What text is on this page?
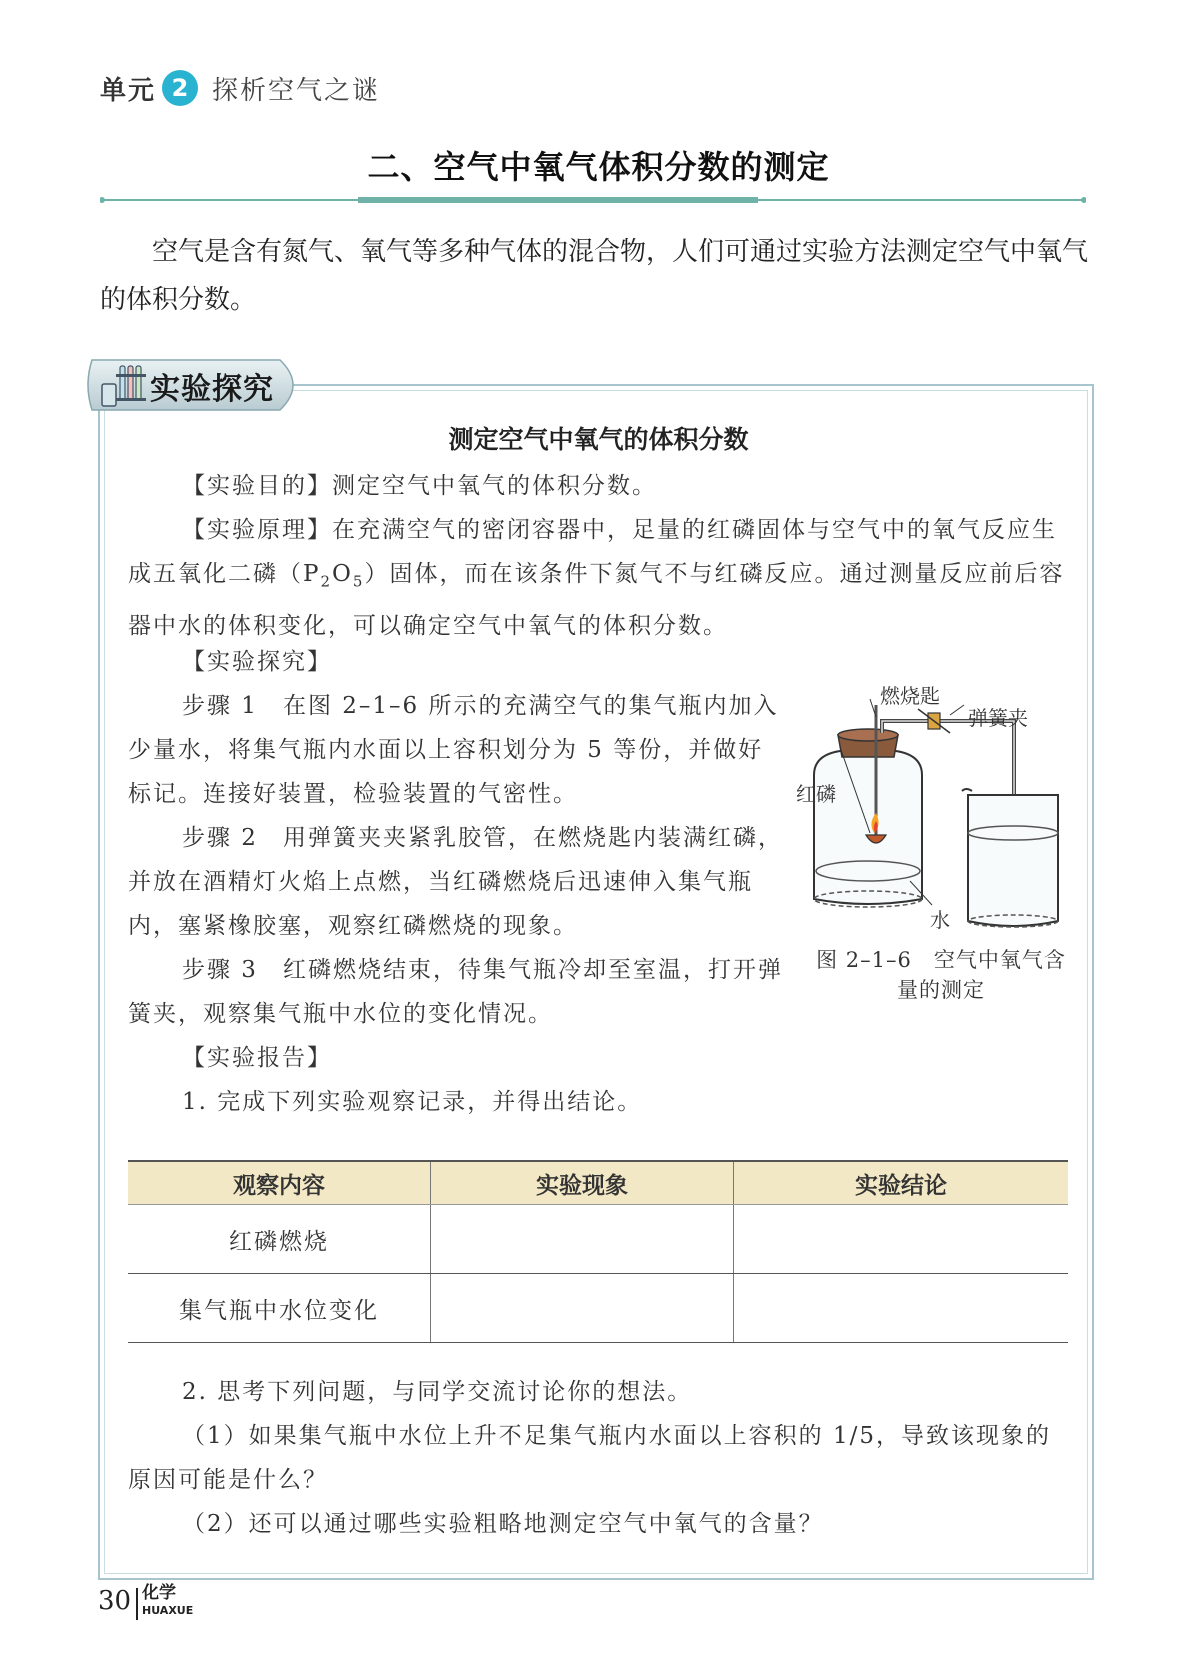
单元 2 探析空气之谜
二、空气中氧气体积分数的测定

空气是含有氮气、氧气等多种气体的混合物，人们可通过实验方法测定空气中氧气的体积分数。

实验探究
测定空气中氧气的体积分数

【实验目的】测定空气中氧气的体积分数。

【实验原理】在充满空气的密闭容器中，足量的红磷固体与空气中的氧气反应生成五氧化二磷$(P_2O_5)$固体，而在该条件下氮气不与红磷反应。通过测量反应前后容器中水的体积变化，可以确定空气中氧气的体积分数。

【实验探究】

步骤 1　在图 2–1–6 所示的充满空气的集气瓶内加入少量水，将集气瓶内水面以上容积划分为 5 等份，并做好标记。连接好装置，检验装置的气密性。

步骤 2　用弹簧夹夹紧乳胶管，在燃烧匙内装满红磷，并放在酒精灯火焰上点燃，当红磷燃烧后迅速伸入集气瓶内，塞紧橡胶塞，观察红磷燃烧的现象。

步骤 3　红磷燃烧结束，待集气瓶冷却至室温，打开弹簧夹，观察集气瓶中水位的变化情况。

【实验报告】

1. 完成下列实验观察记录，并得出结论。

燃烧匙
弹簧夹
红磷
水
图 2–1–6　空气中氧气含
量的测定
观察内容	实验现象	实验结论
红磷燃烧		
集气瓶中水位变化		

2. 思考下列问题，与同学交流讨论你的想法。

（1）如果集气瓶中水位上升不足集气瓶内水面以上容积的 1/5，导致该现象的原因可能是什么？

（2）还可以通过哪些实验粗略地测定空气中氧气的含量？

30 化学
HUAXUE
